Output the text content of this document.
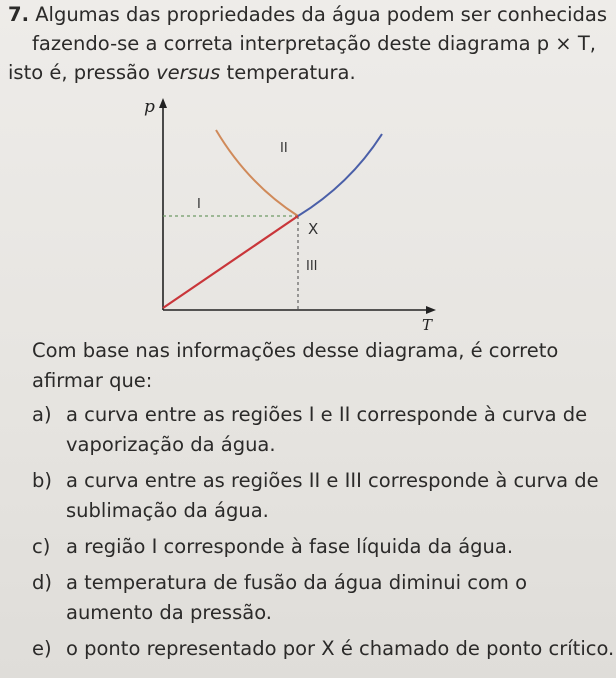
7. Algumas das propriedades da água podem ser conhecidas
fazendo-se a correta interpretação deste diagrama p × T,
isto é, pressão versus temperatura.
p
T
I
II
III
X
Com base nas informações desse diagrama, é correto afirmar que:
a) a curva entre as regiões I e II corresponde à curva de vaporização da água.
b) a curva entre as regiões II e III corresponde à curva de sublimação da água.
c) a região I corresponde à fase líquida da água.
d) a temperatura de fusão da água diminui com o aumento da pressão.
e) o ponto representado por X é chamado de ponto crítico.
